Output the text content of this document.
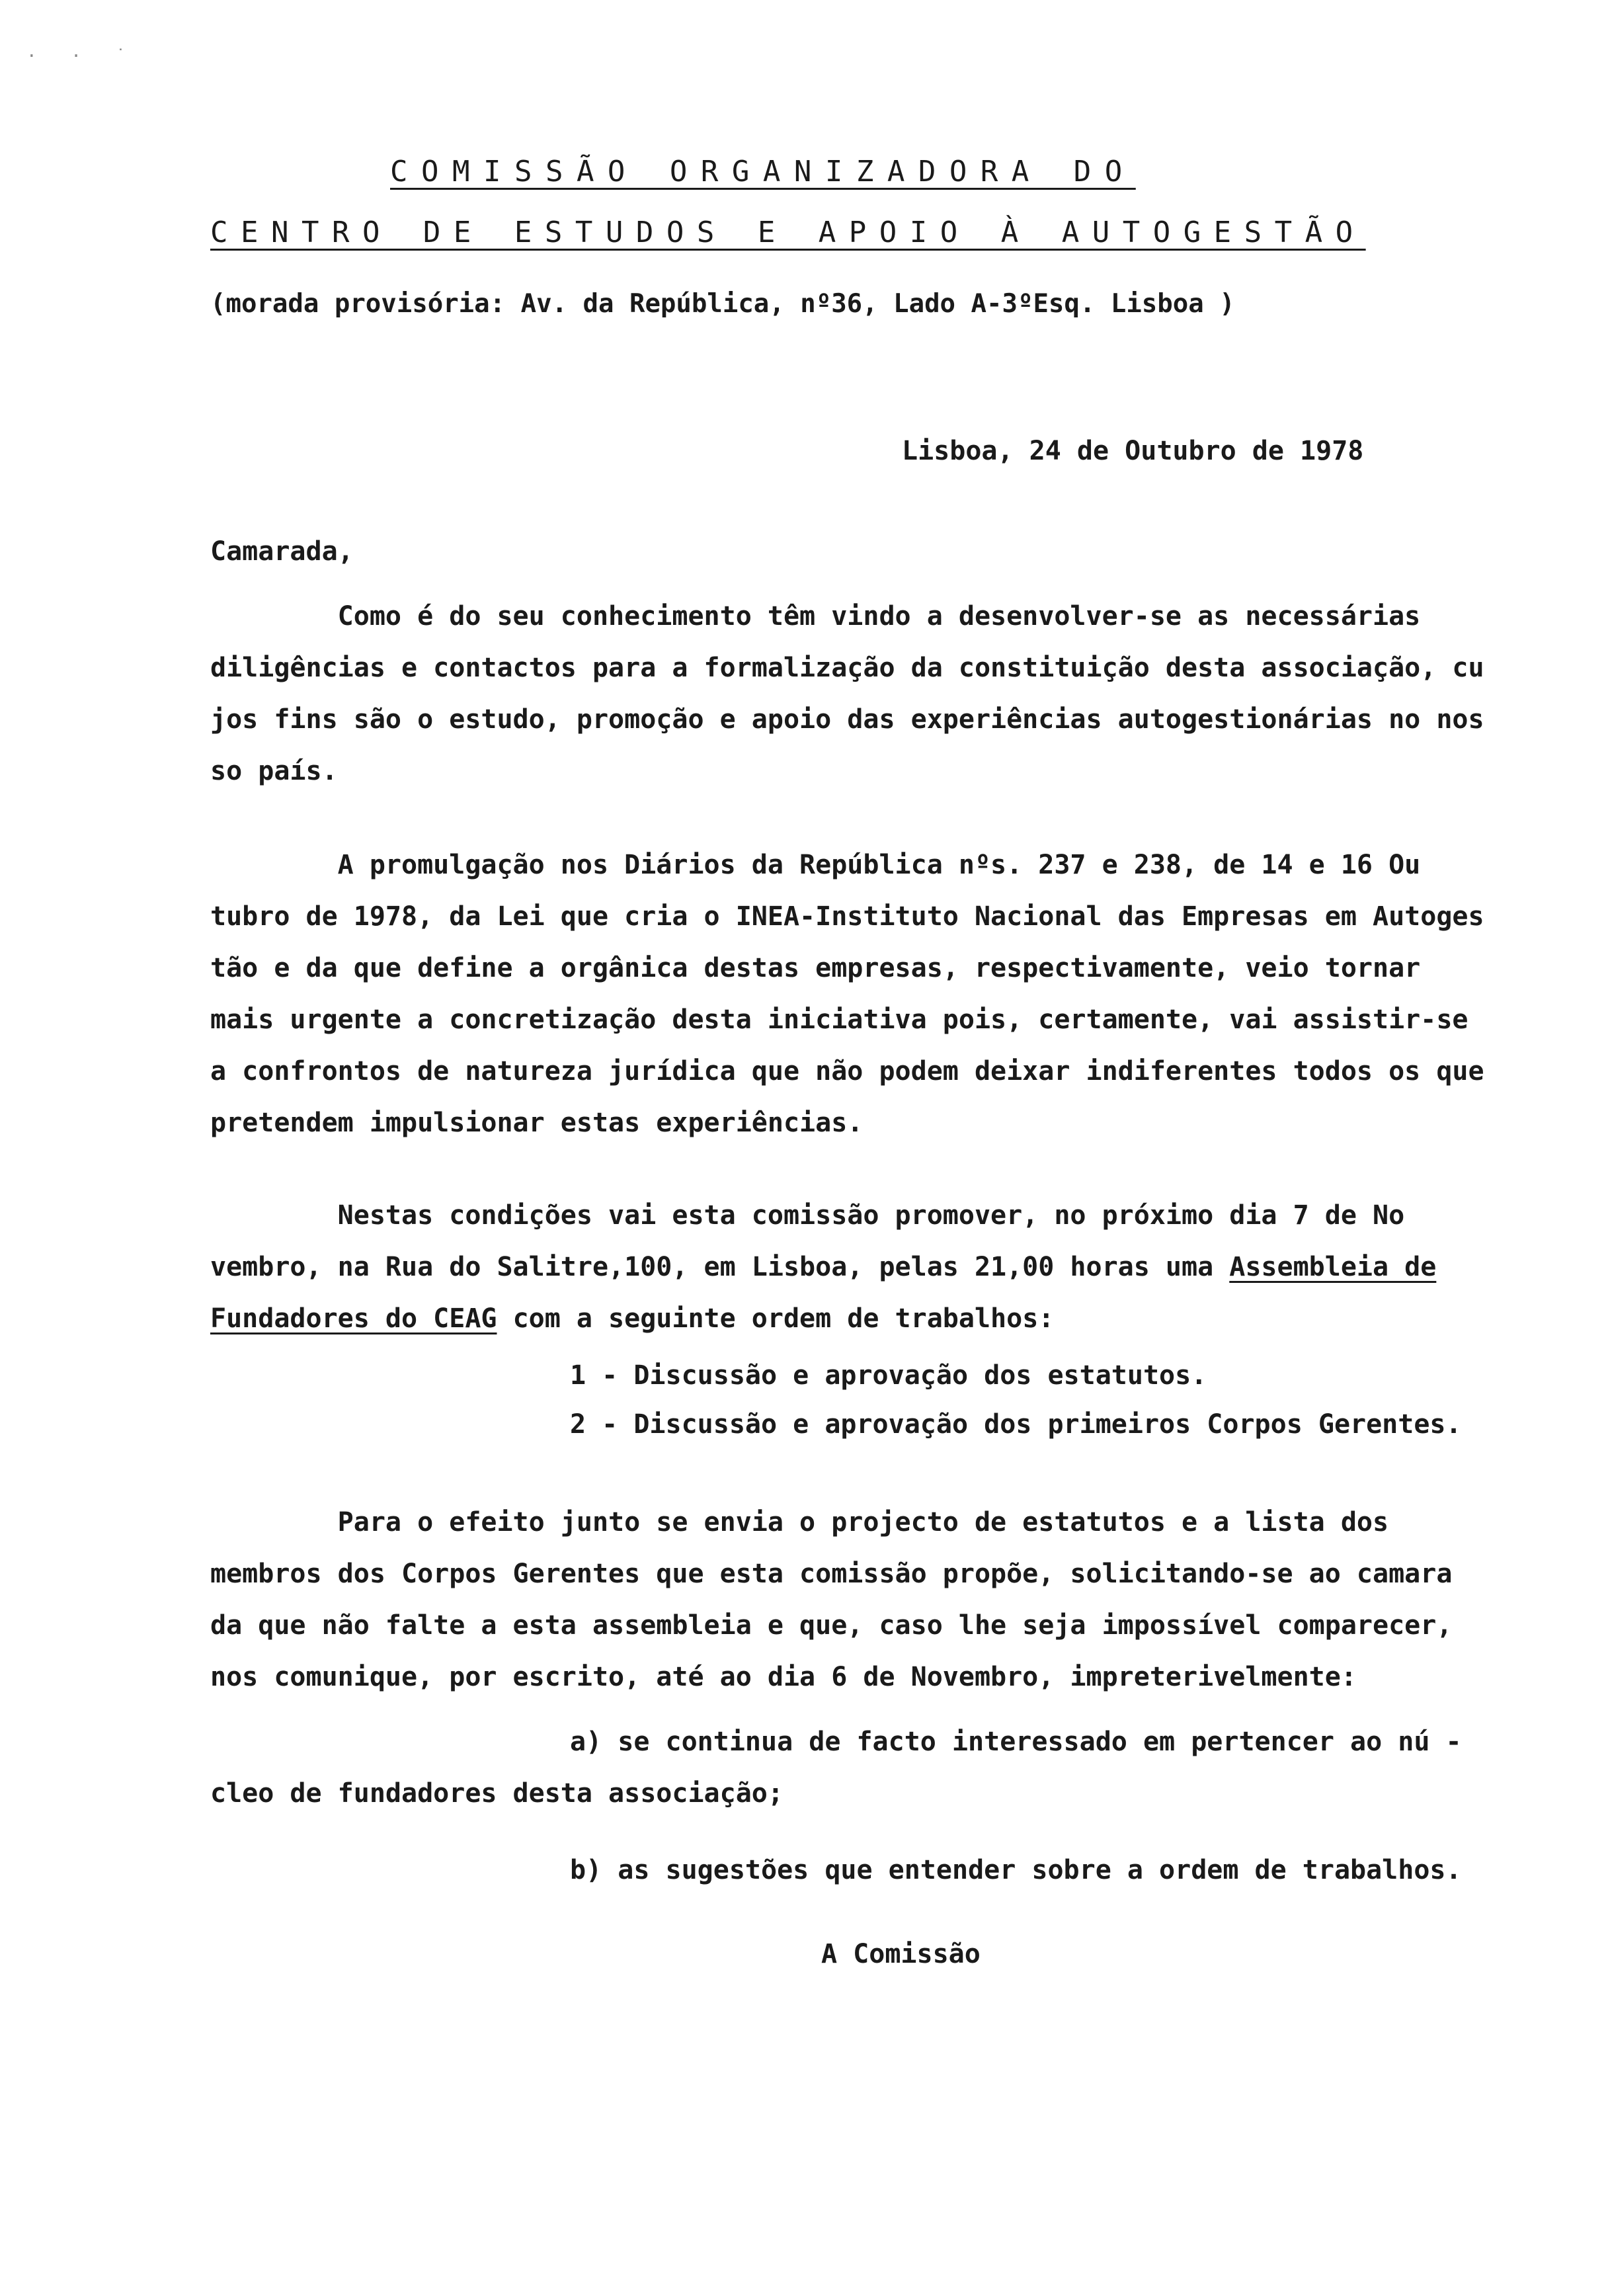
· · ˙
COMISSÃO ORGANIZADORA DO
CENTRO DE ESTUDOS E APOIO À AUTOGESTÃO
(morada provisória: Av. da República, nº36, Lado A-3ºEsq. Lisboa )
Lisboa, 24 de Outubro de 1978
Camarada,
Como é do seu conhecimento têm vindo a desenvolver-se as necessárias
diligências e contactos para a formalização da constituição desta associação, cu
jos fins são o estudo, promoção e apoio das experiências autogestionárias no nos
so país.
A promulgação nos Diários da República nºs. 237 e 238, de 14 e 16 Ou
tubro de 1978, da Lei que cria o INEA-Instituto Nacional das Empresas em Autoges
tão e da que define a orgânica destas empresas, respectivamente, veio tornar
mais urgente a concretização desta iniciativa pois, certamente, vai assistir-se
a confrontos de natureza jurídica que não podem deixar indiferentes todos os que
pretendem impulsionar estas experiências.
Nestas condições vai esta comissão promover, no próximo dia 7 de No
vembro, na Rua do Salitre,100, em Lisboa, pelas 21,00 horas uma Assembleia de
Fundadores do CEAG com a seguinte ordem de trabalhos:
1 - Discussão e aprovação dos estatutos.
2 - Discussão e aprovação dos primeiros Corpos Gerentes.
Para o efeito junto se envia o projecto de estatutos e a lista dos
membros dos Corpos Gerentes que esta comissão propõe, solicitando-se ao camara
da que não falte a esta assembleia e que, caso lhe seja impossível comparecer,
nos comunique, por escrito, até ao dia 6 de Novembro, impreterivelmente:
a) se continua de facto interessado em pertencer ao nú -
cleo de fundadores desta associação;
b) as sugestões que entender sobre a ordem de trabalhos.
A Comissão
